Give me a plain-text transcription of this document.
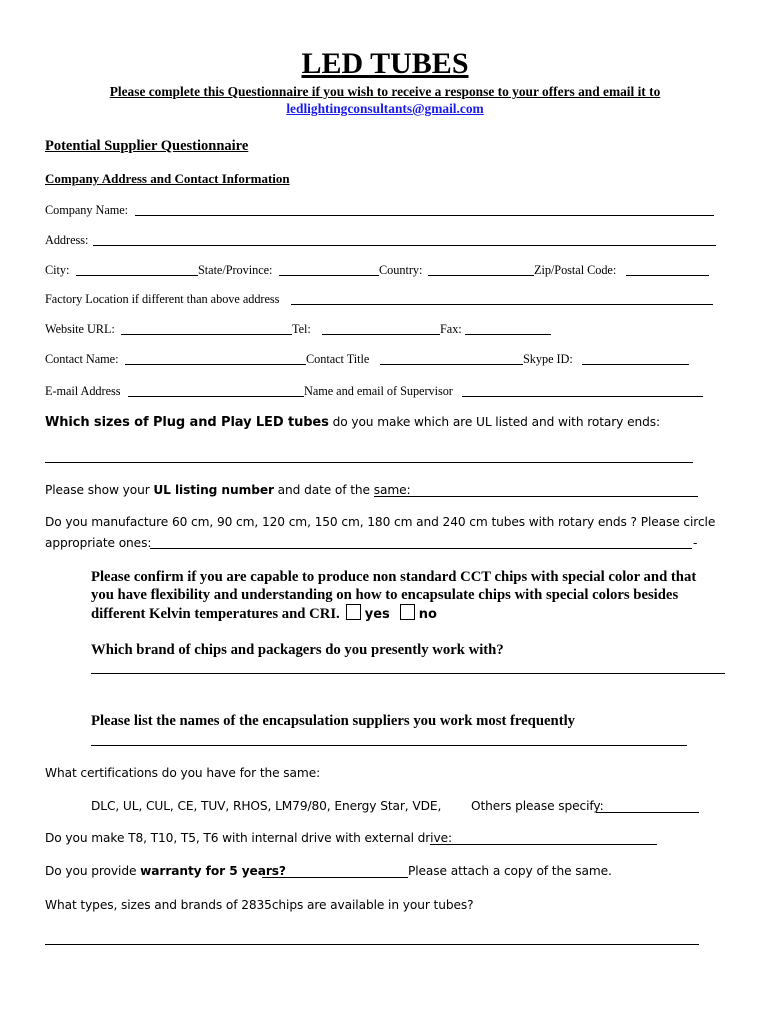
LED TUBES
Please complete this Questionnaire if you wish to receive a response to your offers and email it to
ledlightingconsultants@gmail.com
Potential Supplier Questionnaire
Company Address and Contact Information
Company Name:
Address:
City:	State/Province:	Country:	Zip/Postal Code:
Factory Location if different than above address
Website URL:	Tel:	Fax:
Contact Name:	Contact Title	Skype ID:
E-mail Address	Name and email of Supervisor
Which sizes of Plug and Play LED tubes do you make which are UL listed and with rotary ends:
Please show your UL listing number and date of the same:
Do you manufacture 60 cm, 90 cm, 120 cm, 150 cm, 180 cm and 240 cm tubes with rotary ends ? Please circle
appropriate ones:	-
Please confirm if you are capable to produce non standard CCT chips with special color and that
you have flexibility and understanding on how to encapsulate chips with special colors besides
different Kelvin temperatures and CRI. yes no
Which brand of chips and packagers do you presently work with?
Please list the names of the encapsulation suppliers you work most frequently
What certifications do you have for the same:
DLC, UL, CUL, CE, TUV, RHOS, LM79/80, Energy Star, VDE, Others please specify:
Do you make T8, T10, T5, T6 with internal drive with external drive:
Do you provide warranty for 5 years?	Please attach a copy of the same.
What types, sizes and brands of 2835chips are available in your tubes?
